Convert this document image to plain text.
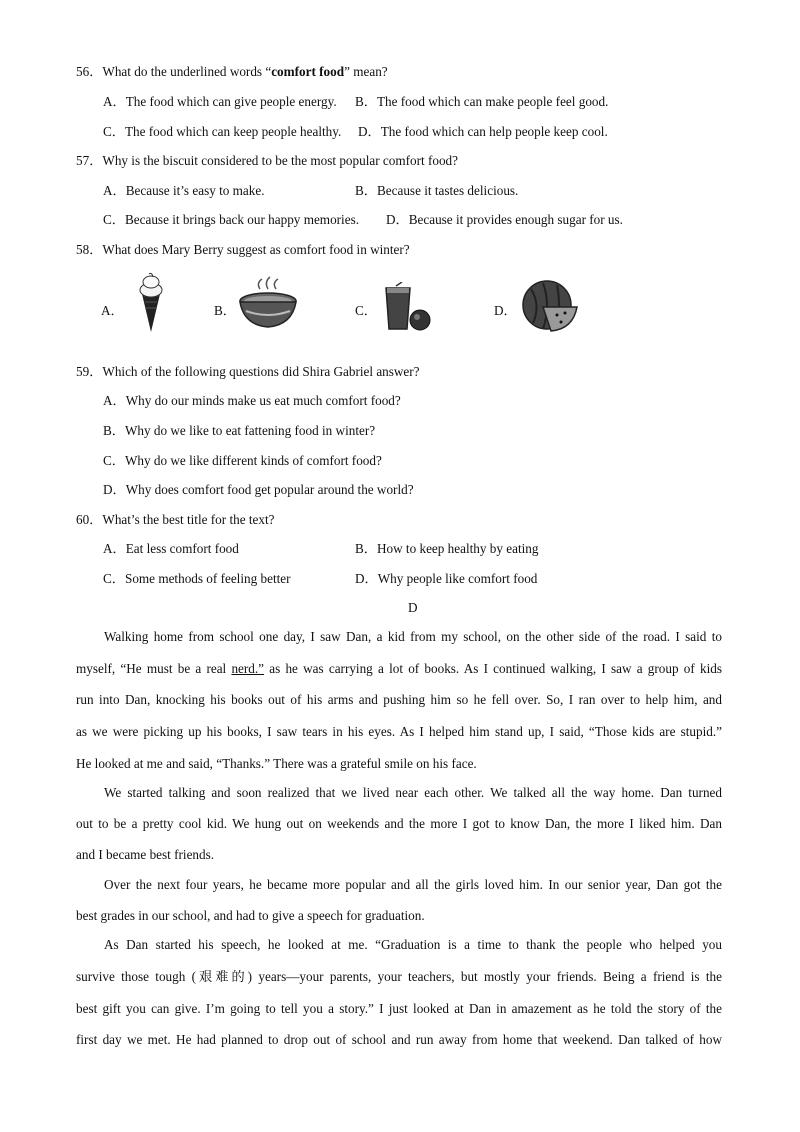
56．What do the underlined words “comfort food” mean?
A．The food which can give people energy. B．The food which can make people feel good.
C．The food which can keep people healthy. D．The food which can help people keep cool.
57．Why is the biscuit considered to be the most popular comfort food?
A．Because it’s easy to make.	B．Because it tastes delicious.
C．Because it brings back our happy memories. D．Because it provides enough sugar for us.
58．What does Mary Berry suggest as comfort food in winter?
A．	B．	C．	D．
59．Which of the following questions did Shira Gabriel answer?
A．Why do our minds make us eat much comfort food?
B．Why do we like to eat fattening food in winter?
C．Why do we like different kinds of comfort food?
D．Why does comfort food get popular around the world?
60．What’s the best title for the text?
A．Eat less comfort food	B．How to keep healthy by eating
C．Some methods of feeling better	D．Why people like comfort food
D
Walking home from school one day, I saw Dan, a kid from my school, on the other side of the road. I said to
myself, “He must be a real nerd.” as he was carrying a lot of books. As I continued walking, I saw a group of kids
run into Dan, knocking his books out of his arms and pushing him so he fell over. So, I ran over to help him, and
as we were picking up his books, I saw tears in his eyes. As I helped him stand up, I said, “Those kids are stupid.”
He looked at me and said, “Thanks.” There was a grateful smile on his face.
We started talking and soon realized that we lived near each other. We talked all the way home. Dan turned
out to be a pretty cool kid. We hung out on weekends and the more I got to know Dan, the more I liked him. Dan
and I became best friends.
Over the next four years, he became more popular and all the girls loved him. In our senior year, Dan got the
best grades in our school, and had to give a speech for graduation.
As Dan started his speech, he looked at me. “Graduation is a time to thank the people who helped you
survive those tough (艰难的) years—your parents, your teachers, but mostly your friends. Being a friend is the
best gift you can give. I’m going to tell you a story.” I just looked at Dan in amazement as he told the story of the
first day we met. He had planned to drop out of school and run away from home that weekend. Dan talked of how
